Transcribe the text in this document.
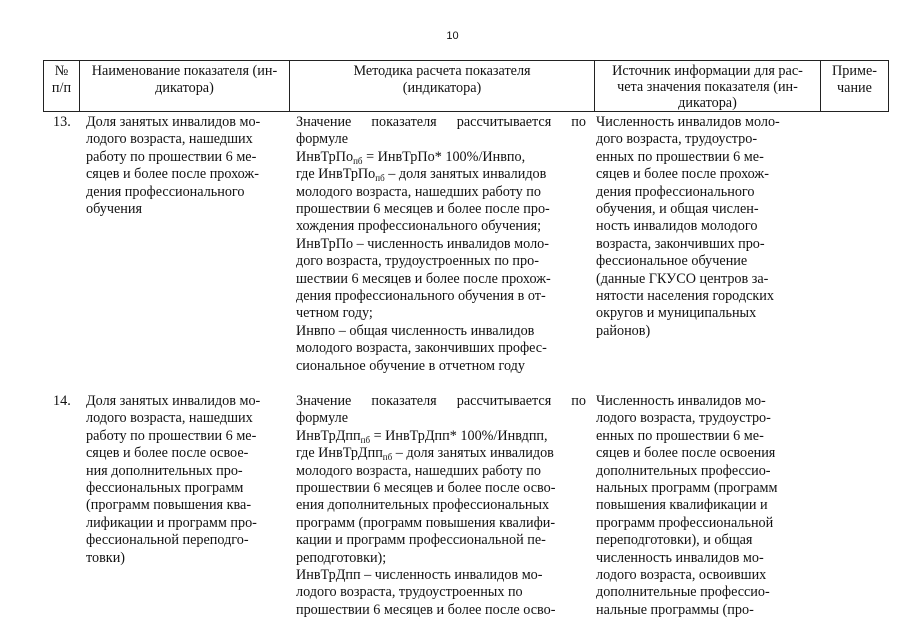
10
№
п/п
Наименование показателя (ин-
дикатора)
Методика расчета показателя
(индикатора)
Источник информации для рас-
чета значения показателя (ин-
дикатора)
Приме-
чание
13. Доля занятых инвалидов мо-
лодого возраста, нашедших
работу по прошествии 6 ме-
сяцев и более после прохож-
дения профессионального
обучения
Значение показателя рассчитывается по
формуле
ИнвТрПо$_{пб}$ = ИнвТрПо* 100%/Инвпо,
где ИнвТрПо$_{пб}$ – доля занятых инвалидов
молодого возраста, нашедших работу по
прошествии 6 месяцев и более после про-
хождения профессионального обучения;
ИнвТрПо – численность инвалидов моло-
дого возраста, трудоустроенных по про-
шествии 6 месяцев и более после прохож-
дения профессионального обучения в от-
четном году;
Инвпо – общая численность инвалидов
молодого возраста, закончивших профес-
сиональное обучение в отчетном году
Численность инвалидов моло-
дого возраста, трудоустро-
енных по прошествии 6 ме-
сяцев и более после прохож-
дения профессионального
обучения, и общая числен-
ность инвалидов молодого
возраста, закончивших про-
фессиональное обучение
(данные ГКУСО центров за-
нятости населения городских
округов и муниципальных
районов)
14. Доля занятых инвалидов мо-
лодого возраста, нашедших
работу по прошествии 6 ме-
сяцев и более после освое-
ния дополнительных про-
фессиональных программ
(программ повышения ква-
лификации и программ про-
фессиональной переподго-
товки)
Значение показателя рассчитывается по
формуле
ИнвТрДпп$_{пб}$ = ИнвТрДпп* 100%/Инвдпп,
где ИнвТрДпп$_{пб}$ – доля занятых инвалидов
молодого возраста, нашедших работу по
прошествии 6 месяцев и более после осво-
ения дополнительных профессиональных
программ (программ повышения квалифи-
кации и программ профессиональной пе-
реподготовки);
ИнвТрДпп – численность инвалидов мо-
лодого возраста, трудоустроенных по
прошествии 6 месяцев и более после осво-
Численность инвалидов мо-
лодого возраста, трудоустро-
енных по прошествии 6 ме-
сяцев и более после освоения
дополнительных профессио-
нальных программ (программ
повышения квалификации и
программ профессиональной
переподготовки), и общая
численность инвалидов мо-
лодого возраста, освоивших
дополнительные профессио-
нальные программы (про-
